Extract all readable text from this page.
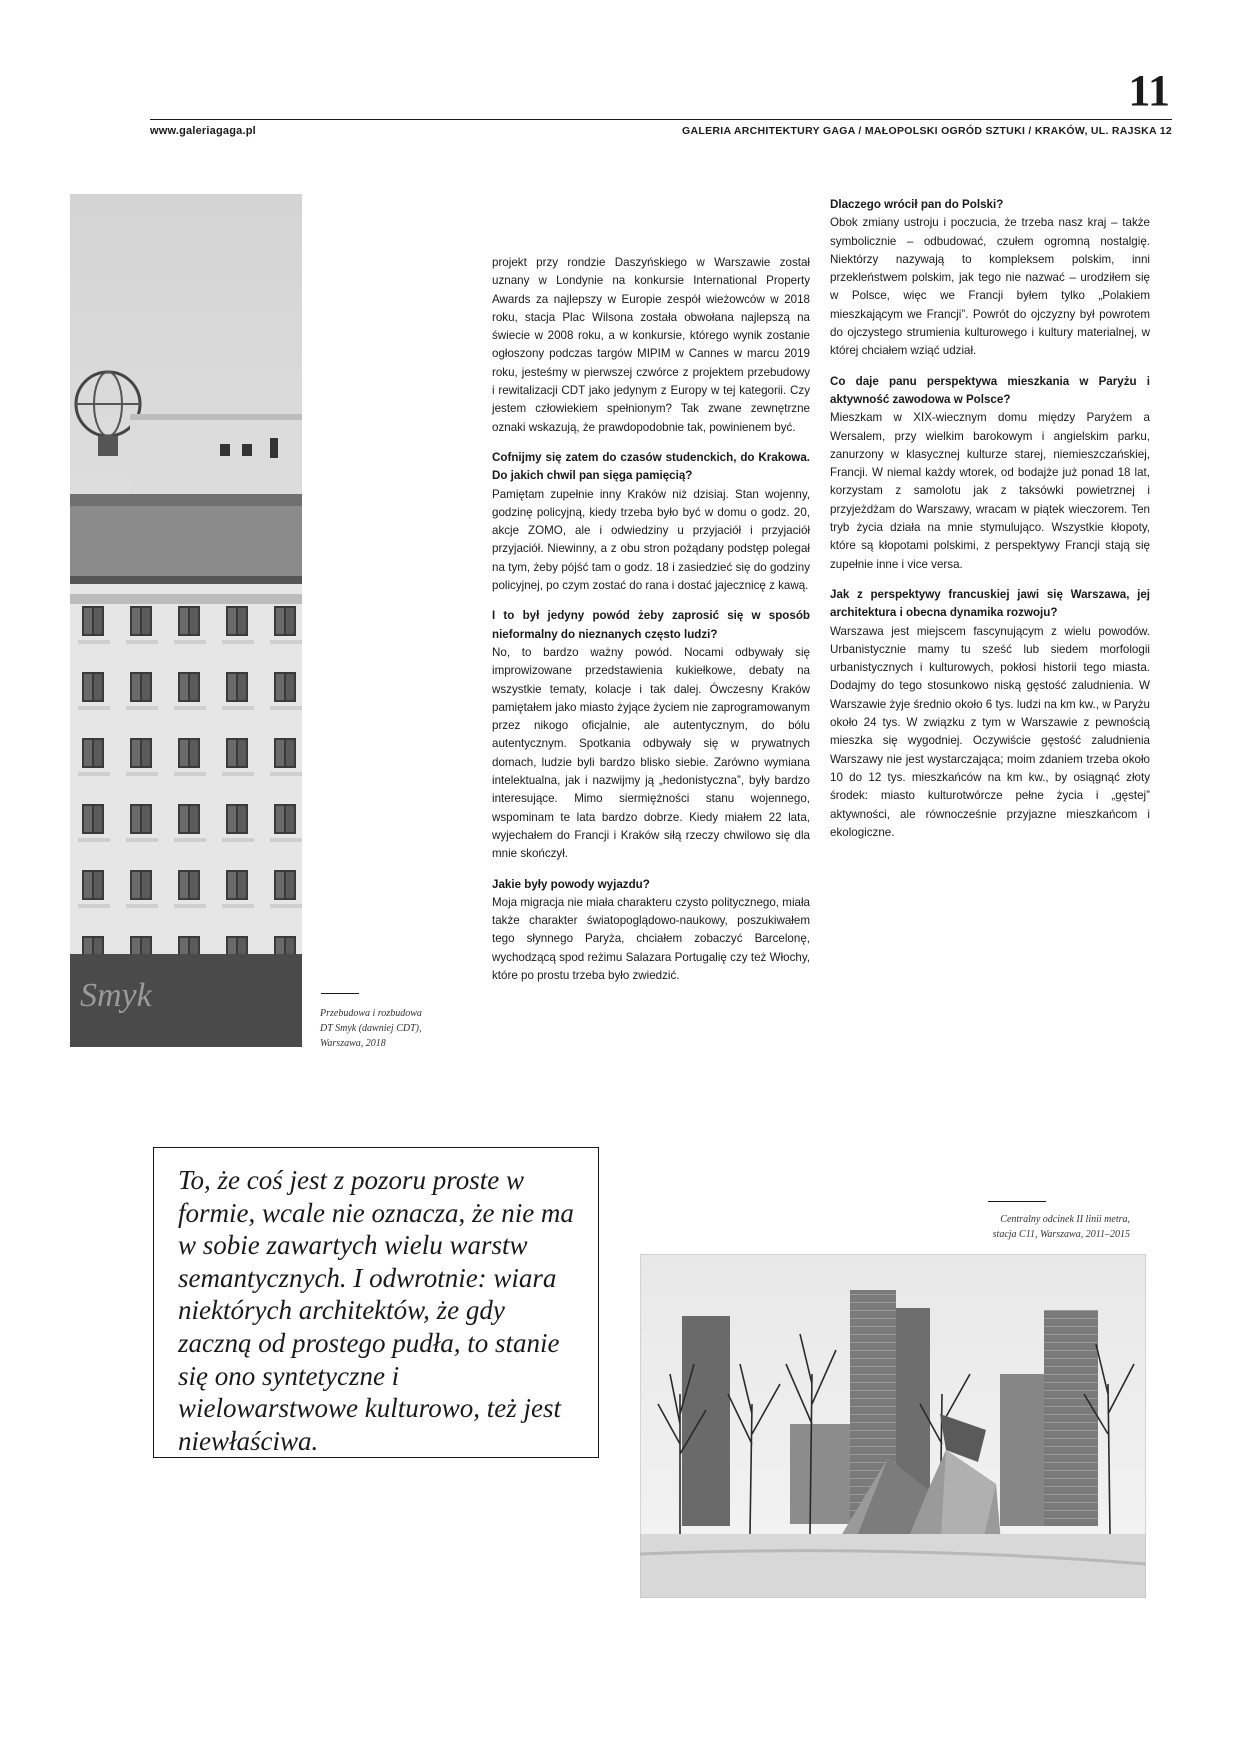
11
www.galeriagaga.pl	GALERIA ARCHITEKTURY GAGA / MAŁOPOLSKI OGRÓD SZTUKI / KRAKÓW, UL. RAJSKA 12
Smyk	Przebudowa i rozbudowa
DT Smyk (dawniej CDT),
Warszawa, 2018

projekt przy rondzie Daszyńskiego w Warszawie został uznany w Londynie na konkursie International Property Awards za najlepszy w Europie zespół wieżowców w 2018 roku, stacja Plac Wilsona została obwołana najlepszą na świecie w 2008 roku, a w konkursie, którego wynik zostanie ogłoszony podczas targów MIPIM w Cannes w marcu 2019 roku, jesteśmy w pierwszej czwórce z projektem przebudowy i rewitalizacji CDT jako jedynym z Europy w tej kategorii. Czy jestem człowiekiem spełnionym? Tak zwane zewnętrzne oznaki wskazują, że prawdopodobnie tak, powinienem być.

Cofnijmy się zatem do czasów studenckich, do Krakowa. Do jakich chwil pan sięga pamięcią?
Pamiętam zupełnie inny Kraków niż dzisiaj. Stan wojenny, godzinę policyjną, kiedy trzeba było być w domu o godz. 20, akcje ZOMO, ale i odwiedziny u przyjaciół i przyjaciół przyjaciół. Niewinny, a z obu stron pożądany podstęp polegał na tym, żeby pójść tam o godz. 18 i zasiedzieć się do godziny policyjnej, po czym zostać do rana i dostać jajecznicę z kawą.

I to był jedyny powód żeby zaprosić się w sposób nieformalny do nieznanych często ludzi?
No, to bardzo ważny powód. Nocami odbywały się improwizowane przedstawienia kukiełkowe, debaty na wszystkie tematy, kolacje i tak dalej. Ówczesny Kraków pamiętałem jako miasto żyjące życiem nie zaprogramowanym przez nikogo oficjalnie, ale autentycznym, do bólu autentycznym. Spotkania odbywały się w prywatnych domach, ludzie byli bardzo blisko siebie. Zarówno wymiana intelektualna, jak i nazwijmy ją „hedonistyczna”, były bardzo interesujące. Mimo siermiężności stanu wojennego, wspominam te lata bardzo dobrze. Kiedy miałem 22 lata, wyjechałem do Francji i Kraków siłą rzeczy chwilowo się dla mnie skończył.

Jakie były powody wyjazdu?
Moja migracja nie miała charakteru czysto politycznego, miała także charakter światopoglądowo-naukowy, poszukiwałem tego słynnego Paryża, chciałem zobaczyć Barcelonę, wychodzącą spod reżimu Salazara Portugalię czy też Włochy, które po prostu trzeba było zwiedzić.

Dlaczego wrócił pan do Polski?
Obok zmiany ustroju i poczucia, że trzeba nasz kraj – także symbolicznie – odbudować, czułem ogromną nostalgię. Niektórzy nazywają to kompleksem polskim, inni przekleństwem polskim, jak tego nie nazwać – urodziłem się w Polsce, więc we Francji byłem tylko „Polakiem mieszkającym we Francji”. Powrót do ojczyzny był powrotem do ojczystego strumienia kulturowego i kultury materialnej, w której chciałem wziąć udział.

Co daje panu perspektywa mieszkania w Paryżu i aktywność zawodowa w Polsce?
Mieszkam w XIX-wiecznym domu między Paryżem a Wersalem, przy wielkim barokowym i angielskim parku, zanurzony w klasycznej kulturze starej, niemieszczańskiej, Francji. W niemal każdy wtorek, od bodajże już ponad 18 lat, korzystam z samolotu jak z taksówki powietrznej i przyjeżdżam do Warszawy, wracam w piątek wieczorem. Ten tryb życia działa na mnie stymulująco. Wszystkie kłopoty, które są kłopotami polskimi, z perspektywy Francji stają się zupełnie inne i vice versa.

Jak z perspektywy francuskiej jawi się Warszawa, jej architektura i obecna dynamika rozwoju?
Warszawa jest miejscem fascynującym z wielu powodów. Urbanistycznie mamy tu sześć lub siedem morfologii urbanistycznych i kulturowych, pokłosi historii tego miasta. Dodajmy do tego stosunkowo niską gęstość zaludnienia. W Warszawie żyje średnio około 6 tys. ludzi na km kw., w Paryżu około 24 tys. W związku z tym w Warszawie z pewnością mieszka się wygodniej. Oczywiście gęstość zaludnienia Warszawy nie jest wystarczająca; moim zdaniem trzeba około 10 do 12 tys. mieszkańców na km kw., by osiągnąć złoty środek: miasto kulturotwórcze pełne życia i „gęstej” aktywności, ale równocześnie przyjazne mieszkańcom i ekologiczne.

To, że coś jest z pozoru proste w formie, wcale nie oznacza, że nie ma w sobie zawartych wielu warstw semantycznych. I odwrotnie: wiara niektórych architektów, że gdy zaczną od prostego pudła, to stanie się ono syntetyczne i wielowarstwowe kulturowo, też jest niewłaściwa.
Centralny odcinek II linii metra,
stacja C11, Warszawa, 2011–2015
